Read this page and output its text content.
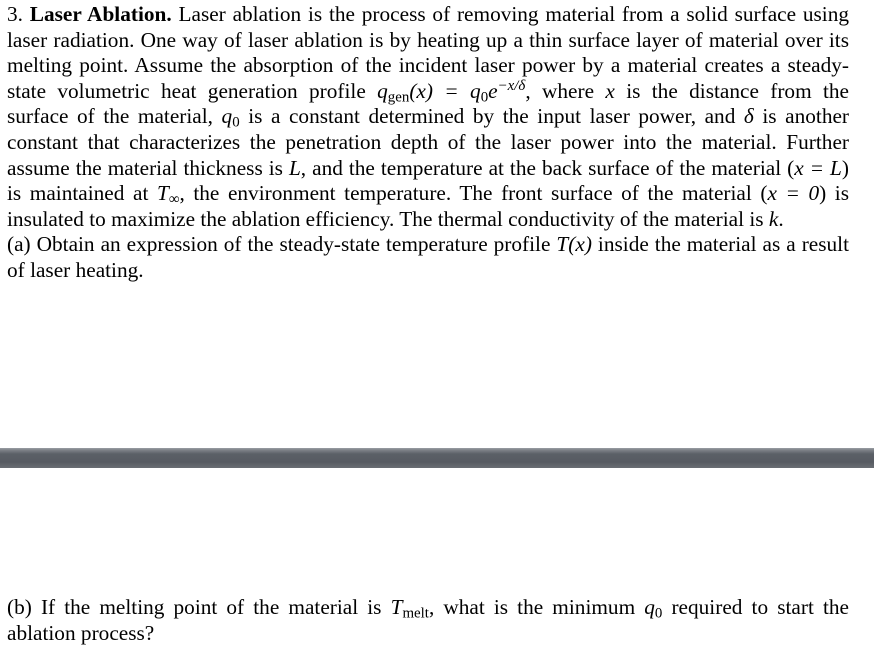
3. Laser Ablation. Laser ablation is the process of removing material from a solid surface using
laser radiation. One way of laser ablation is by heating up a thin surface layer of material over its
melting point. Assume the absorption of the incident laser power by a material creates a steady-
state volumetric heat generation profile $q_{gen}(x) = q_0e^{-x/\delta}$, where x is the distance from the
surface of the material, $q_0$ is a constant determined by the input laser power, and δ is another
constant that characterizes the penetration depth of the laser power into the material. Further
assume the material thickness is L, and the temperature at the back surface of the material (x = L)
is maintained at $T_\infty$, the environment temperature. The front surface of the material (x = 0) is
insulated to maximize the ablation efficiency. The thermal conductivity of the material is k.
(a) Obtain an expression of the steady-state temperature profile T(x) inside the material as a result
of laser heating.
(b) If the melting point of the material is $T_{melt}$, what is the minimum $q_0$ required to start the
ablation process?
